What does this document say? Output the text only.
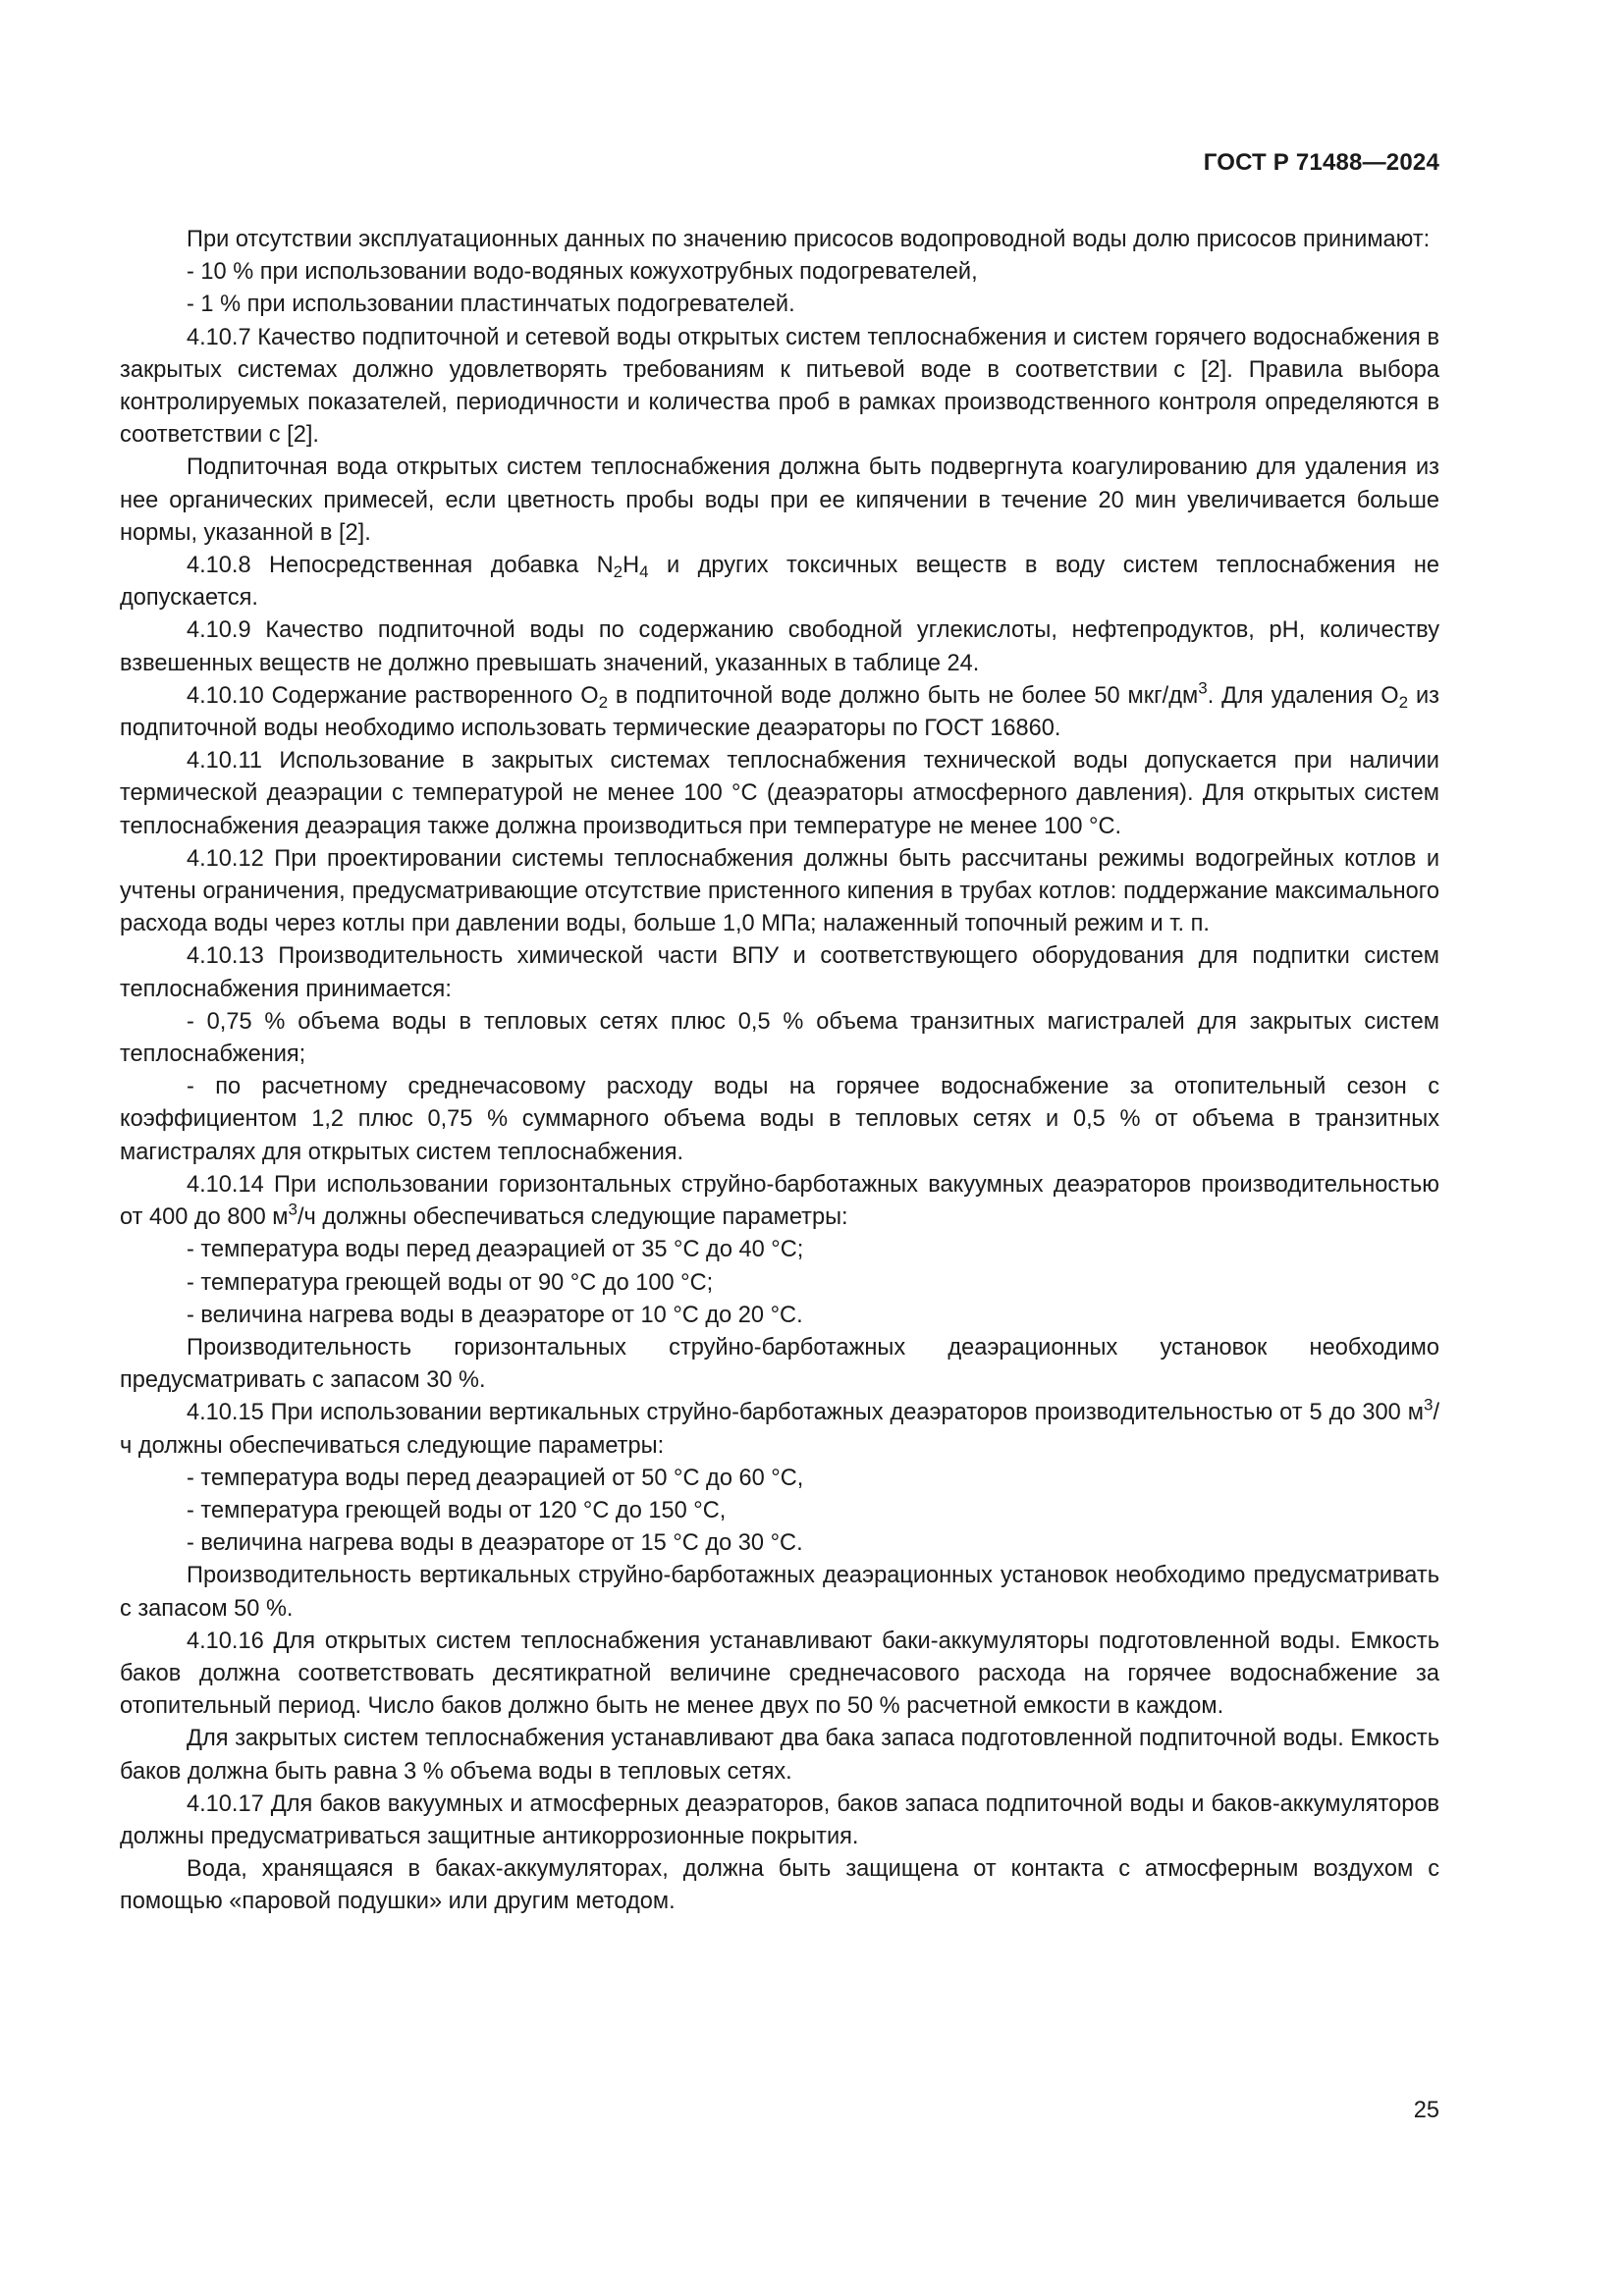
ГОСТ Р 71488—2024

При отсутствии эксплуатационных данных по значению присосов водопроводной воды долю присосов принимают:

- 10 % при использовании водо-водяных кожухотрубных подогревателей,

- 1 % при использовании пластинчатых подогревателей.

4.10.7 Качество подпиточной и сетевой воды открытых систем теплоснабжения и систем горячего водоснабжения в закрытых системах должно удовлетворять требованиям к питьевой воде в соответствии с [2]. Правила выбора контролируемых показателей, периодичности и количества проб в рамках производственного контроля определяются в соответствии с [2].

Подпиточная вода открытых систем теплоснабжения должна быть подвергнута коагулированию для удаления из нее органических примесей, если цветность пробы воды при ее кипячении в течение 20 мин увеличивается больше нормы, указанной в [2].

4.10.8 Непосредственная добавка $N_2H_4$ и других токсичных веществ в воду систем теплоснабжения не допускается.

4.10.9 Качество подпиточной воды по содержанию свободной углекислоты, нефтепродуктов, pH, количеству взвешенных веществ не должно превышать значений, указанных в таблице 24.

4.10.10 Содержание растворенного $O_2$ в подпиточной воде должно быть не более 50 мкг/$дм^3$. Для удаления $O_2$ из подпиточной воды необходимо использовать термические деаэраторы по ГОСТ 16860.

4.10.11 Использование в закрытых системах теплоснабжения технической воды допускается при наличии термической деаэрации с температурой не менее 100 °C (деаэраторы атмосферного давления). Для открытых систем теплоснабжения деаэрация также должна производиться при температуре не менее 100 °C.

4.10.12 При проектировании системы теплоснабжения должны быть рассчитаны режимы водогрейных котлов и учтены ограничения, предусматривающие отсутствие пристенного кипения в трубах котлов: поддержание максимального расхода воды через котлы при давлении воды, больше 1,0 МПа; налаженный топочный режим и т. п.

4.10.13 Производительность химической части ВПУ и соответствующего оборудования для подпитки систем теплоснабжения принимается:

- 0,75 % объема воды в тепловых сетях плюс 0,5 % объема транзитных магистралей для закрытых систем теплоснабжения;

- по расчетному среднечасовому расходу воды на горячее водоснабжение за отопительный сезон с коэффициентом 1,2 плюс 0,75 % суммарного объема воды в тепловых сетях и 0,5 % от объема в транзитных магистралях для открытых систем теплоснабжения.

4.10.14 При использовании горизонтальных струйно-барботажных вакуумных деаэраторов производительностью от 400 до 800 $м^3/ч$ должны обеспечиваться следующие параметры:

- температура воды перед деаэрацией от 35 °C до 40 °C;

- температура греющей воды от 90 °C до 100 °C;

- величина нагрева воды в деаэраторе от 10 °C до 20 °C.

Производительность горизонтальных струйно-барботажных деаэрационных установок необходимо предусматривать с запасом 30 %.

4.10.15 При использовании вертикальных струйно-барботажных деаэраторов производительностью от 5 до 300 $м^3/ч$ должны обеспечиваться следующие параметры:

- температура воды перед деаэрацией от 50 °C до 60 °C,

- температура греющей воды от 120 °C до 150 °C,

- величина нагрева воды в деаэраторе от 15 °C до 30 °C.

Производительность вертикальных струйно-барботажных деаэрационных установок необходимо предусматривать с запасом 50 %.

4.10.16 Для открытых систем теплоснабжения устанавливают баки-аккумуляторы подготовленной воды. Емкость баков должна соответствовать десятикратной величине среднечасового расхода на горячее водоснабжение за отопительный период. Число баков должно быть не менее двух по 50 % расчетной емкости в каждом.

Для закрытых систем теплоснабжения устанавливают два бака запаса подготовленной подпиточной воды. Емкость баков должна быть равна 3 % объема воды в тепловых сетях.

4.10.17 Для баков вакуумных и атмосферных деаэраторов, баков запаса подпиточной воды и баков-аккумуляторов должны предусматриваться защитные антикоррозионные покрытия.

Вода, хранящаяся в баках-аккумуляторах, должна быть защищена от контакта с атмосферным воздухом с помощью «паровой подушки» или другим методом.

25
